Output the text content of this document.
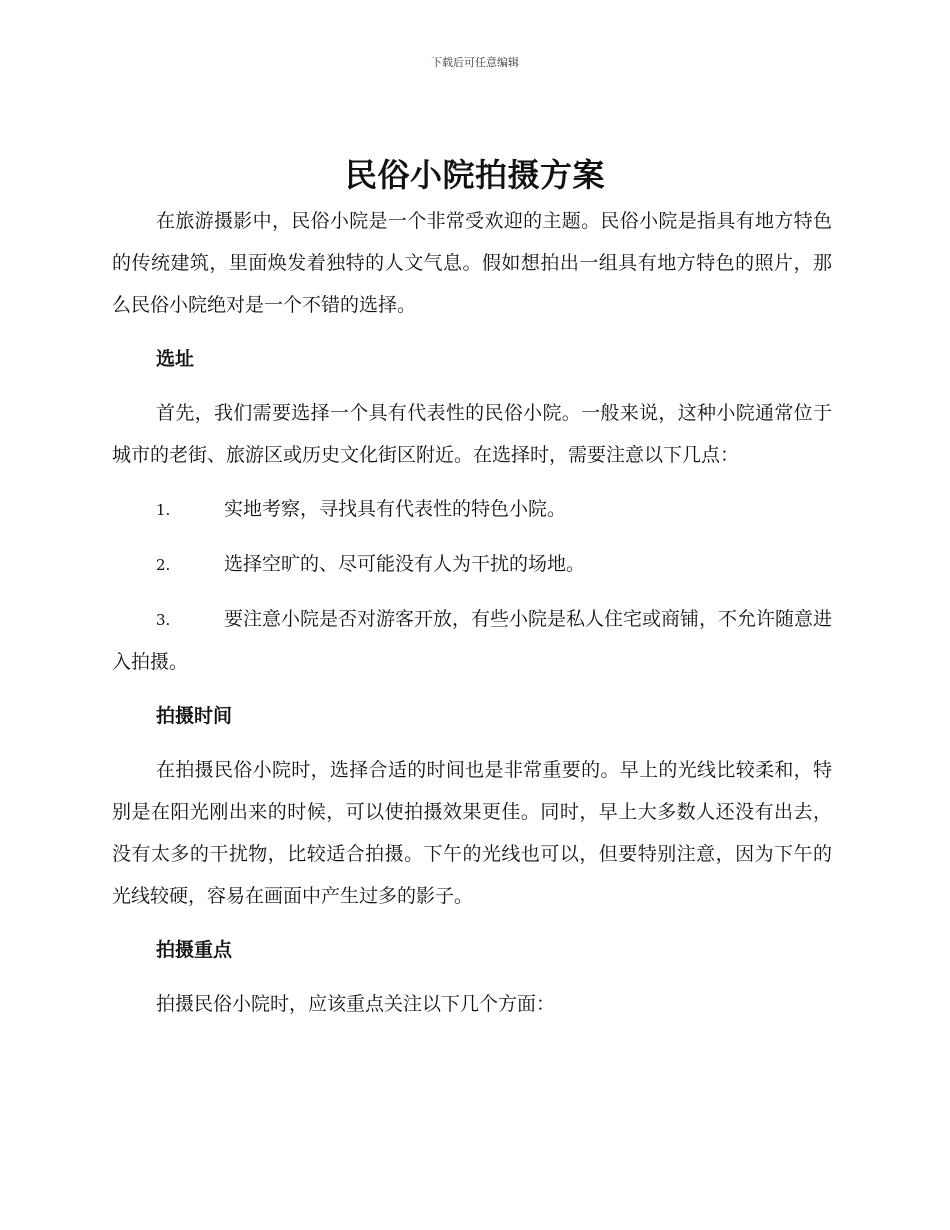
下载后可任意编辑
民俗小院拍摄方案

在旅游摄影中，民俗小院是一个非常受欢迎的主题。民俗小院是指具有地方特色的传统建筑，里面焕发着独特的人文气息。假如想拍出一组具有地方特色的照片，那么民俗小院绝对是一个不错的选择。

选址

首先，我们需要选择一个具有代表性的民俗小院。一般来说，这种小院通常位于城市的老街、旅游区或历史文化街区附近。在选择时，需要注意以下几点：

1.	实地考察，寻找具有代表性的特色小院。
2.	选择空旷的、尽可能没有人为干扰的场地。
3.	要注意小院是否对游客开放，有些小院是私人住宅或商铺，不允许随意进入拍摄。
拍摄时间

在拍摄民俗小院时，选择合适的时间也是非常重要的。早上的光线比较柔和，特别是在阳光刚出来的时候，可以使拍摄效果更佳。同时，早上大多数人还没有出去，没有太多的干扰物，比较适合拍摄。下午的光线也可以，但要特别注意，因为下午的光线较硬，容易在画面中产生过多的影子。

拍摄重点

拍摄民俗小院时，应该重点关注以下几个方面：
